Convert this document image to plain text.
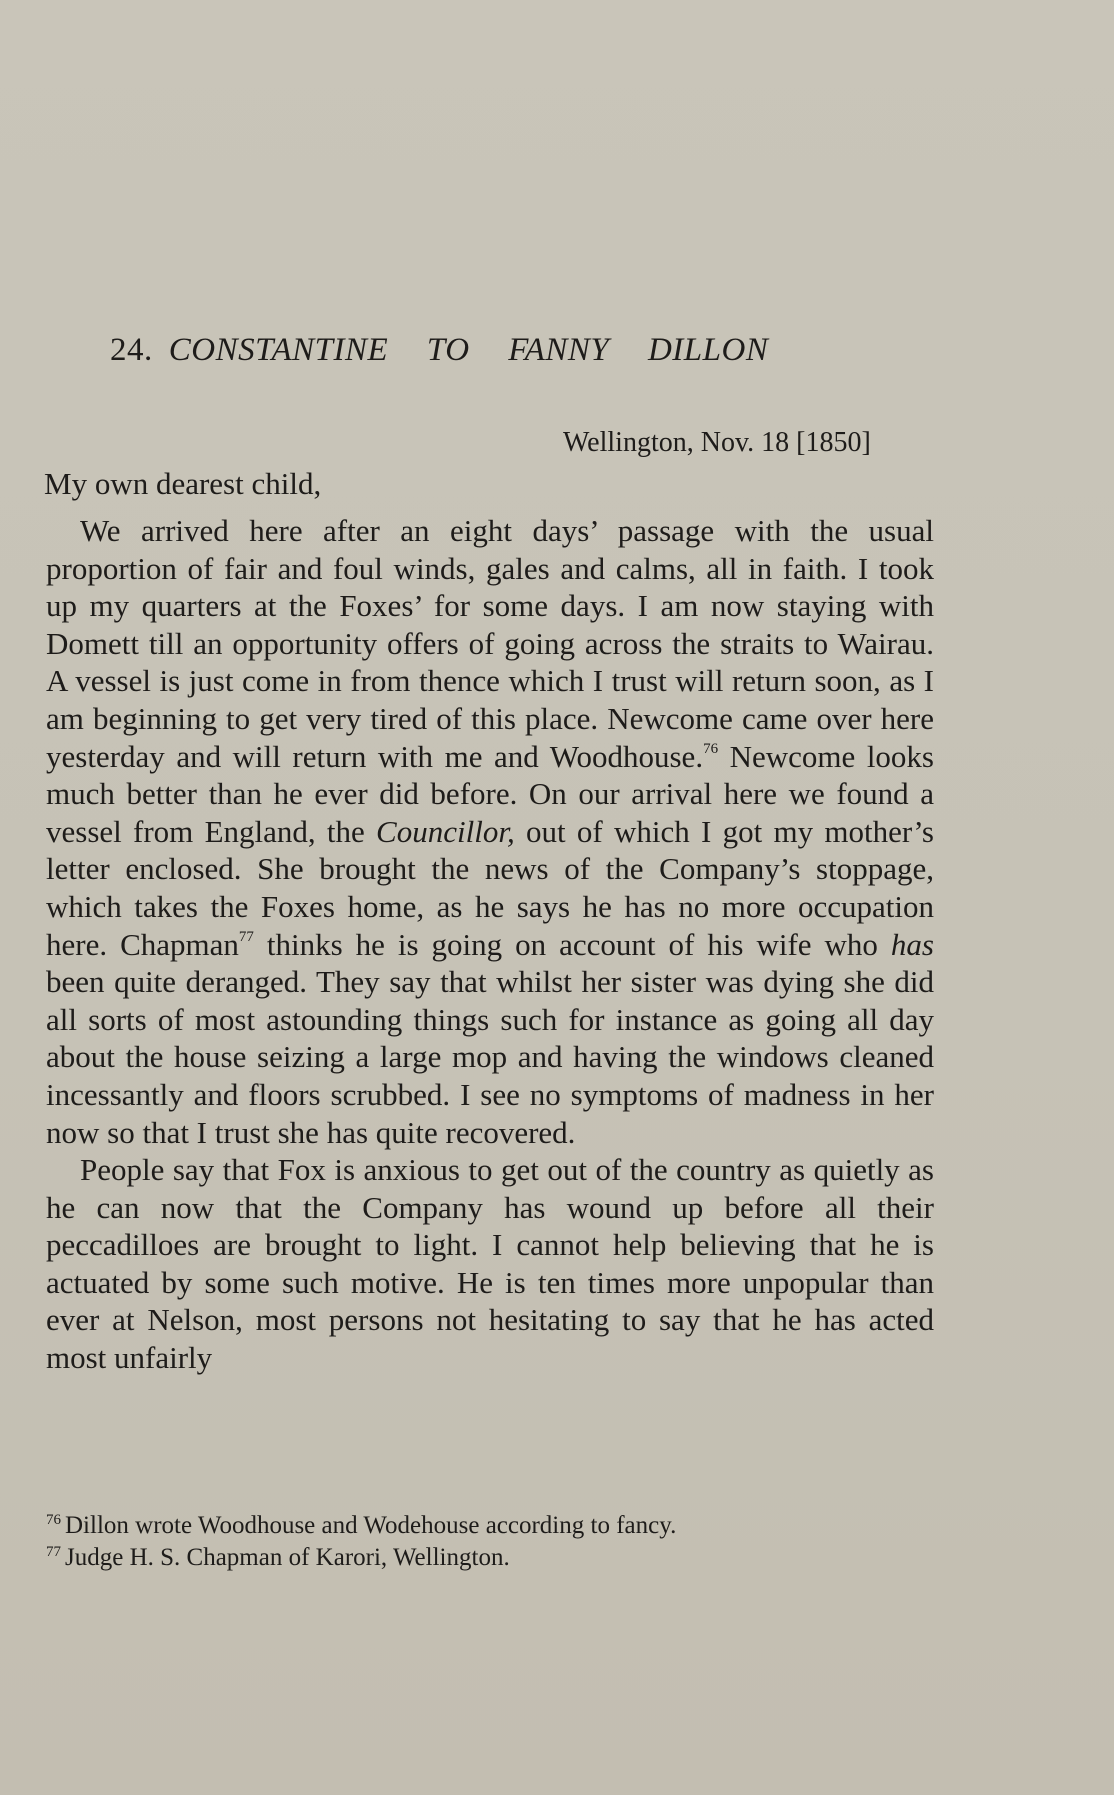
24. CONSTANTINE TO FANNY DILLON
Wellington, Nov. 18 [1850]
My own dearest child,

We arrived here after an eight days’ passage with the usual proportion of fair and foul winds, gales and calms, all in faith. I took up my quarters at the Foxes’ for some days. I am now staying with Domett till an opportunity offers of going across the straits to Wairau. A vessel is just come in from thence which I trust will return soon, as I am beginning to get very tired of this place. Newcome came over here yesterday and will return with me and Woodhouse.$^{76}$ Newcome looks much better than he ever did before. On our arrival here we found a vessel from England, the Councillor, out of which I got my mother’s letter enclosed. She brought the news of the Company’s stoppage, which takes the Foxes home, as he says he has no more occupation here. Chapman$^{77}$ thinks he is going on account of his wife who has been quite deranged. They say that whilst her sister was dying she did all sorts of most astounding things such for instance as going all day about the house seizing a large mop and having the windows cleaned incessantly and floors scrubbed. I see no symptoms of madness in her now so that I trust she has quite recovered.

People say that Fox is anxious to get out of the country as quietly as he can now that the Company has wound up before all their peccadilloes are brought to light. I cannot help believing that he is actuated by some such motive. He is ten times more unpopular than ever at Nelson, most persons not hesitating to say that he has acted most unfairly

$^{76}$ Dillon wrote Woodhouse and Wodehouse according to fancy.
$^{77}$ Judge H. S. Chapman of Karori, Wellington.
